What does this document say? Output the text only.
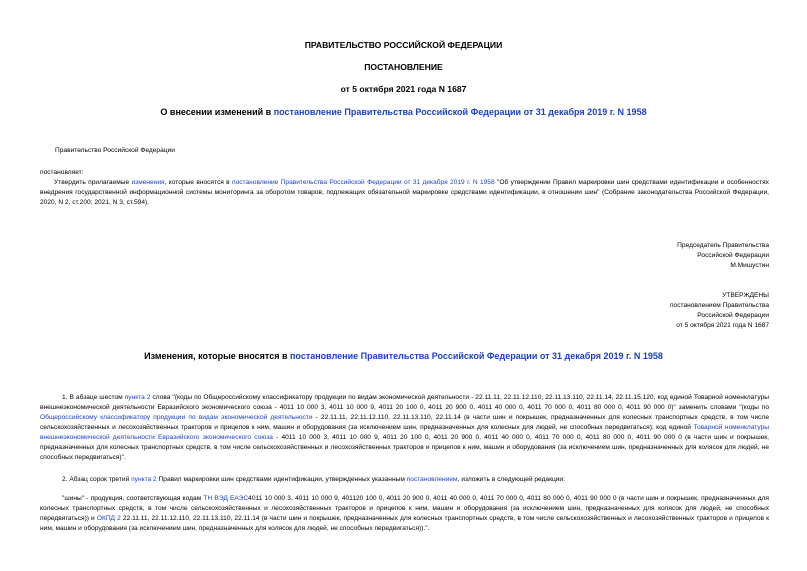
ПРАВИТЕЛЬСТВО РОССИЙСКОЙ ФЕДЕРАЦИИ
ПОСТАНОВЛЕНИЕ
от 5 октября 2021 года N 1687
О внесении изменений в постановление Правительства Российской Федерации от 31 декабря 2019 г. N 1958
Правительство Российской Федерации
постановляет:
Утвердить прилагаемые изменения, которые вносятся в постановление Правительства Российской Федерации от 31 декабря 2019 г. N 1958 "Об утверждении Правил маркировки шин средствами идентификации и особенностях внедрения государственной информационной системы мониторинга за оборотом товаров, подлежащих обязательной маркировке средствами идентификации, в отношении шин" (Собрание законодательства Российской Федерации, 2020, N 2, ст.200; 2021, N 3, ст.594).
Председатель Правительства
Российской Федерации
М.Мишустин
УТВЕРЖДЕНЫ
постановлением Правительства
Российской Федерации
от 5 октября 2021 года N 1687
Изменения, которые вносятся в постановление Правительства Российской Федерации от 31 декабря 2019 г. N 1958
1. В абзаце шестом пункта 2 слова "(коды по Общероссийскому классификатору продукции по видам экономической деятельности - 22.11.11, 22.11.12.110, 22.11.13.110, 22.11.14, 22.11.15.120, код единой Товарной номенклатуры внешнеэкономической деятельности Евразийского экономического союза - 4011 10 000 3, 4011 10 000 9, 4011 20 100 0, 4011 20 900 0, 4011 40 000 0, 4011 70 000 0, 4011 80 000 0, 4011 90 000 0)" заменить словами "(коды по Общероссийскому классификатору продукции по видам экономической деятельности - 22.11.11, 22.11.12.110, 22.11.13.110, 22.11.14 (в части шин и покрышек, предназначенных для колесных транспортных средств, в том числе сельскохозяйственных и лесохозяйственных тракторов и прицепов к ним, машин и оборудования (за исключением шин, предназначенных для колесных для людей, не способных передвигаться); код единой Товарной номенклатуры внешнеэкономической деятельности Евразийского экономического союза - 4011 10 000 3, 4011 10 000 9, 4011 20 100 0, 4011 20 900 0, 4011 40 000 0, 4011 70 000 0, 4011 80 000 0, 4011 90 000 0 (в части шин и покрышек, предназначенных для колесных транспортных средств, в том числе сельскохозяйственных и лесохозяйственных тракторов и прицепов к ним, машин и оборудования (за исключением шин, предназначенных для колясок для людей, не способных передвигаться)".
2. Абзац сорок третий пункта 2 Правил маркировки шин средствами идентификации, утвержденных указанным постановлением, изложить в следующей редакции:
"шины" - продукция, соответствующая кодам ТН ВЭД ЕАЭС4011 10 000 3, 4011 10 000 9, 401120 100 0, 4011 20 900 0, 4011 40 000 0, 4011 70 000 0, 4011 80 000 0, 4011 90 000 0 (в части шин и покрышек, предназначенных для колесных транспортных средств, в том числе сельскохозяйственных и лесохозяйственных тракторов и прицепов к ним, машин и оборудования (за исключением шин, предназначенных для колясок для людей, не способных передвигаться)) и ОКПД 2 22.11.11, 22.11.12.110, 22.11.13.110, 22.11.14 (в части шин и покрышек, предназначенных для колесных транспортных средств, в том числе сельскохозяйственных и лесохозяйственных тракторов и прицепов к ним, машин и оборудования (за исключением шин, предназначенных для колясок для людей, не способных передвигаться)).".
